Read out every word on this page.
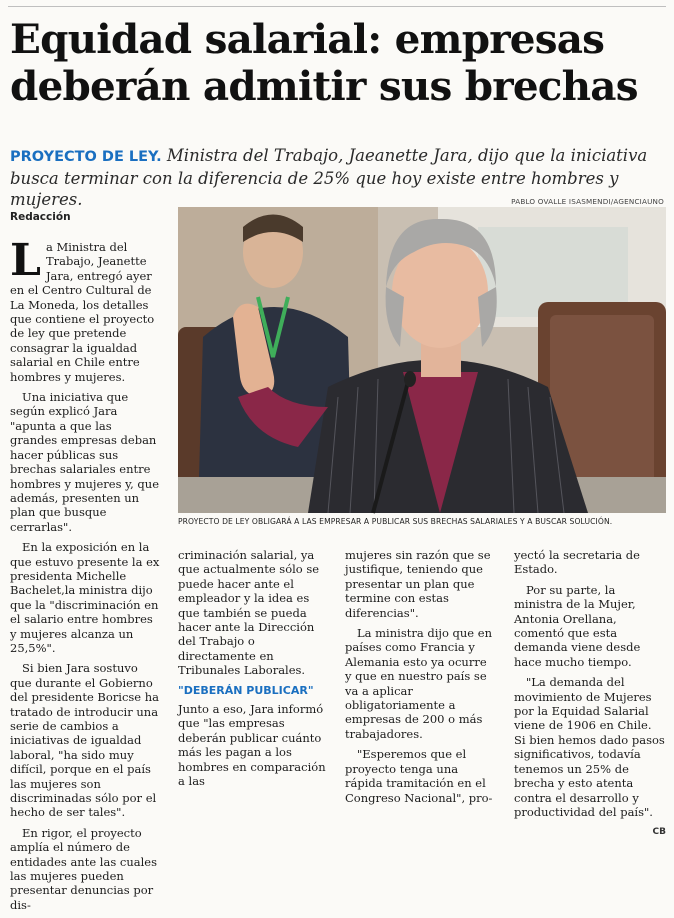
Equidad salarial: empresas
deberán admitir sus brechas
PROYECTO DE LEY. Ministra del Trabajo, Jaeanette Jara, dijo que la iniciativa busca terminar con la diferencia de 25% que hoy existe entre hombres y mujeres.	PABLO OVALLE ISASMENDI/AGENCIAUNO
Redacción
PROYECTO DE LEY OBLIGARÁ A LAS EMPRESAR A PUBLICAR SUS BRECHAS SALARIALES Y A BUSCAR SOLUCIÓN.

La Ministra del Trabajo, Jeanette Jara, entregó ayer en el Centro Cultural de La Moneda, los detalles que contiene el proyecto de ley que pretende consagrar la igualdad salarial en Chile entre hombres y mujeres.

Una iniciativa que según explicó Jara "apunta a que las grandes empresas deban hacer públicas sus brechas salariales entre hombres y mujeres y, que además, presenten un plan que busque cerrarlas".

En la exposición en la que estuvo presente la ex presidenta Michelle Bachelet,la ministra dijo que la "discriminación en el salario entre hombres y mujeres alcanza un 25,5%".

Si bien Jara sostuvo que durante el Gobierno del presidente Boricse ha tratado de introducir una serie de cambios a iniciativas de igualdad laboral, "ha sido muy difícil, porque en el país las mujeres son discriminadas sólo por el hecho de ser tales".

En rigor, el proyecto amplía el número de entidades ante las cuales las mujeres pueden presentar denuncias por dis-

criminación salarial, ya que actualmente sólo se puede hacer ante el empleador y la idea es que también se pueda hacer ante la Dirección del Trabajo o directamente en Tribunales Laborales.

"DEBERÁN PUBLICAR"

Junto a eso, Jara informó que "las empresas deberán publicar cuánto más les pagan a los hombres en comparación a las

mujeres sin razón que se justifique, teniendo que presentar un plan que termine con estas diferencias".

La ministra dijo que en países como Francia y Alemania esto ya ocurre y que en nuestro país se va a aplicar obligatoriamente a empresas de 200 o más trabajadores.

"Esperemos que el proyecto tenga una rápida tramitación en el Congreso Nacional", pro-

yectó la secretaria de Estado.

Por su parte, la ministra de la Mujer, Antonia Orellana, comentó que esta demanda viene desde hace mucho tiempo.

"La demanda del movimiento de Mujeres por la Equidad Salarial viene de 1906 en Chile. Si bien hemos dado pasos significativos, todavía tenemos un 25% de brecha y esto atenta contra el desarrollo y productividad del país".

CB
